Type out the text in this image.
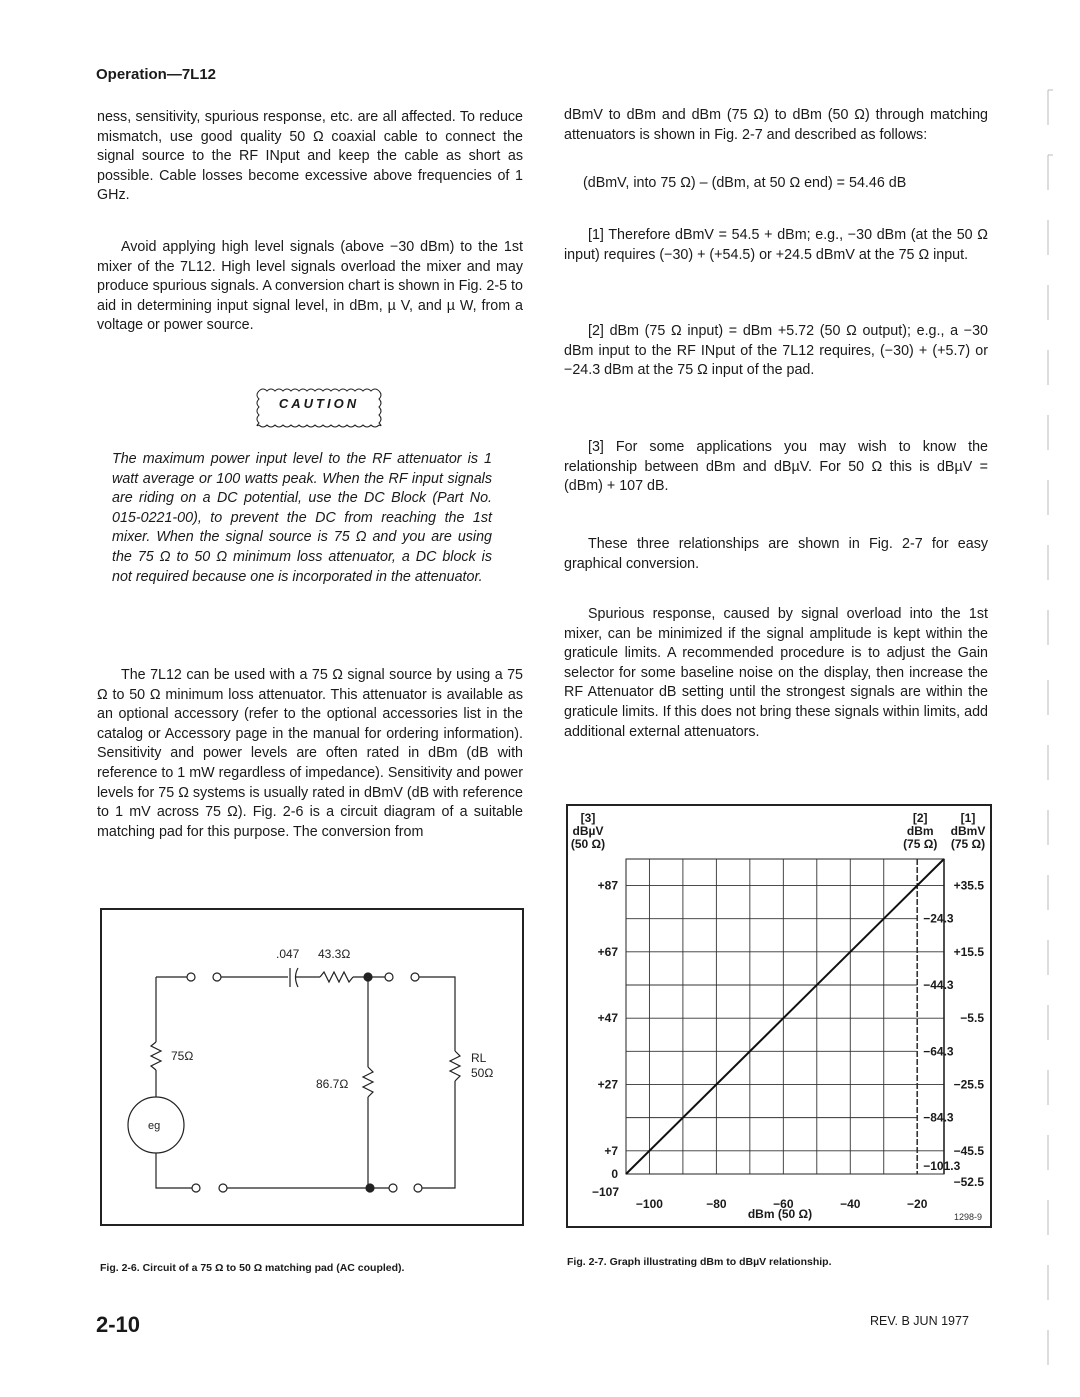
Operation—7L12

ness, sensitivity, spurious response, etc. are all affected. To reduce mismatch, use good quality 50 Ω coaxial cable to connect the signal source to the RF INput and keep the cable as short as possible. Cable losses become excessive above frequencies of 1 GHz.

Avoid applying high level signals (above −30 dBm) to the 1st mixer of the 7L12. High level signals overload the mixer and may produce spurious signals. A conversion chart is shown in Fig. 2-5 to aid in determining input signal level, in dBm, µ V, and µ W, from a voltage or power source.

CAUTION

The maximum power input level to the RF attenuator is 1 watt average or 100 watts peak. When the RF input signals are riding on a DC potential, use the DC Block (Part No. 015-0221-00), to prevent the DC from reaching the 1st mixer. When the signal source is 75 Ω and you are using the 75 Ω to 50 Ω minimum loss attenuator, a DC block is not required because one is incorporated in the attenuator.

The 7L12 can be used with a 75 Ω signal source by using a 75 Ω to 50 Ω minimum loss attenuator. This attenuator is available as an optional accessory (refer to the optional accessories list in the catalog or Accessory page in the manual for ordering information). Sensitivity and power levels are often rated in dBm (dB with reference to 1 mW regardless of impedance). Sensitivity and power levels for 75 Ω systems is usually rated in dBmV (dB with reference to 1 mV across 75 Ω). Fig. 2-6 is a circuit diagram of a suitable matching pad for this purpose. The conversion from

.047 43.3Ω
75Ω
86.7Ω
RL
50Ω
eg
Fig. 2-6. Circuit of a 75 Ω to 50 Ω matching pad (AC coupled).

dBmV to dBm and dBm (75 Ω) to dBm (50 Ω) through matching attenuators is shown in Fig. 2-7 and described as follows:

(dBmV, into 75 Ω) – (dBm, at 50 Ω end) = 54.46 dB

[1] Therefore dBmV = 54.5 + dBm; e.g., −30 dBm (at the 50 Ω input) requires (−30) + (+54.5) or +24.5 dBmV at the 75 Ω input.

[2] dBm (75 Ω input) = dBm +5.72 (50 Ω output); e.g., a −30 dBm input to the RF INput of the 7L12 requires, (−30) + (+5.7) or −24.3 dBm at the 75 Ω input of the pad.

[3] For some applications you may wish to know the relationship between dBm and dBµV. For 50 Ω this is dBµV = (dBm) + 107 dB.

These three relationships are shown in Fig. 2-7 for easy graphical conversion.

Spurious response, caused by signal overload into the 1st mixer, can be minimized if the signal amplitude is kept within the graticule limits. A recommended procedure is to adjust the Gain selector for some baseline noise on the display, then increase the RF Attenuator dB setting until the strongest signals are within the graticule limits. If this does not bring these signals within limits, add additional external attenuators.

[3]
dBµV
(50 Ω)
[2]
dBm
(75 Ω)
[1]
dBmV
(75 Ω)
0
+7
+27
+47
+67
+87
−107
−100	−80	−60	−40	−20
−24.3
−44.3
−64.3
−84.3
−101.3
+35.5
+15.5
−5.5
−25.5
−45.5
−52.5
dBm (50 Ω)	1298-9
Fig. 2-7. Graph illustrating dBm to dBµV relationship.
2-10	REV. B JUN 1977
